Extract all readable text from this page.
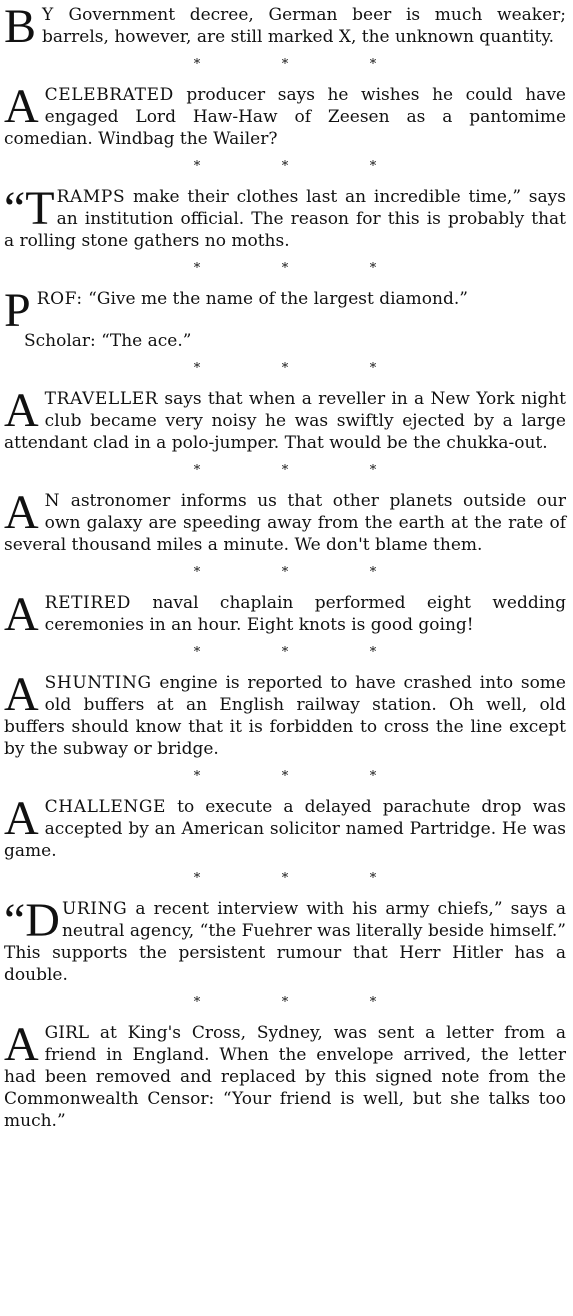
B Y Government decree, German beer is much weaker; barrels, however, are still marked X, the unknown quantity.

*	*	*

ACELEBRATED producer says he wishes he could have engaged Lord Haw-Haw of Zeesen as a pantomime comedian. Windbag the Wailer?

*	*	*

“TRAMPS make their clothes last an incredible time,” says an institution official. The reason for this is probably that a rolling stone gathers no moths.

*	*	*

PROF: “Give me the name of the largest diamond.”

Scholar: “The ace.”

*	*	*

ATRAVELLER says that when a reveller in a New York night club became very noisy he was swiftly ejected by a large attendant clad in a polo-jumper. That would be the chukka-out.

*	*	*

A N astronomer informs us that other planets outside our own galaxy are speeding away from the earth at the rate of several thousand miles a minute. We don't blame them.

*	*	*

ARETIRED naval chaplain performed eight wedding ceremonies in an hour. Eight knots is good going!

*	*	*

ASHUNTING engine is reported to have crashed into some old buffers at an English railway station. Oh well, old buffers should know that it is forbidden to cross the line except by the subway or bridge.

*	*	*

ACHALLENGE to execute a delayed parachute drop was accepted by an American solicitor named Partridge. He was game.

*	*	*

“DURING a recent interview with his army chiefs,” says a neutral agency, “the Fuehrer was literally beside himself.” This supports the persistent rumour that Herr Hitler has a double.

*	*	*

A GIRL at King's Cross, Sydney, was sent a letter from a friend in England. When the envelope arrived, the letter had been removed and replaced by this signed note from the Commonwealth Censor: “Your friend is well, but she talks too much.”
